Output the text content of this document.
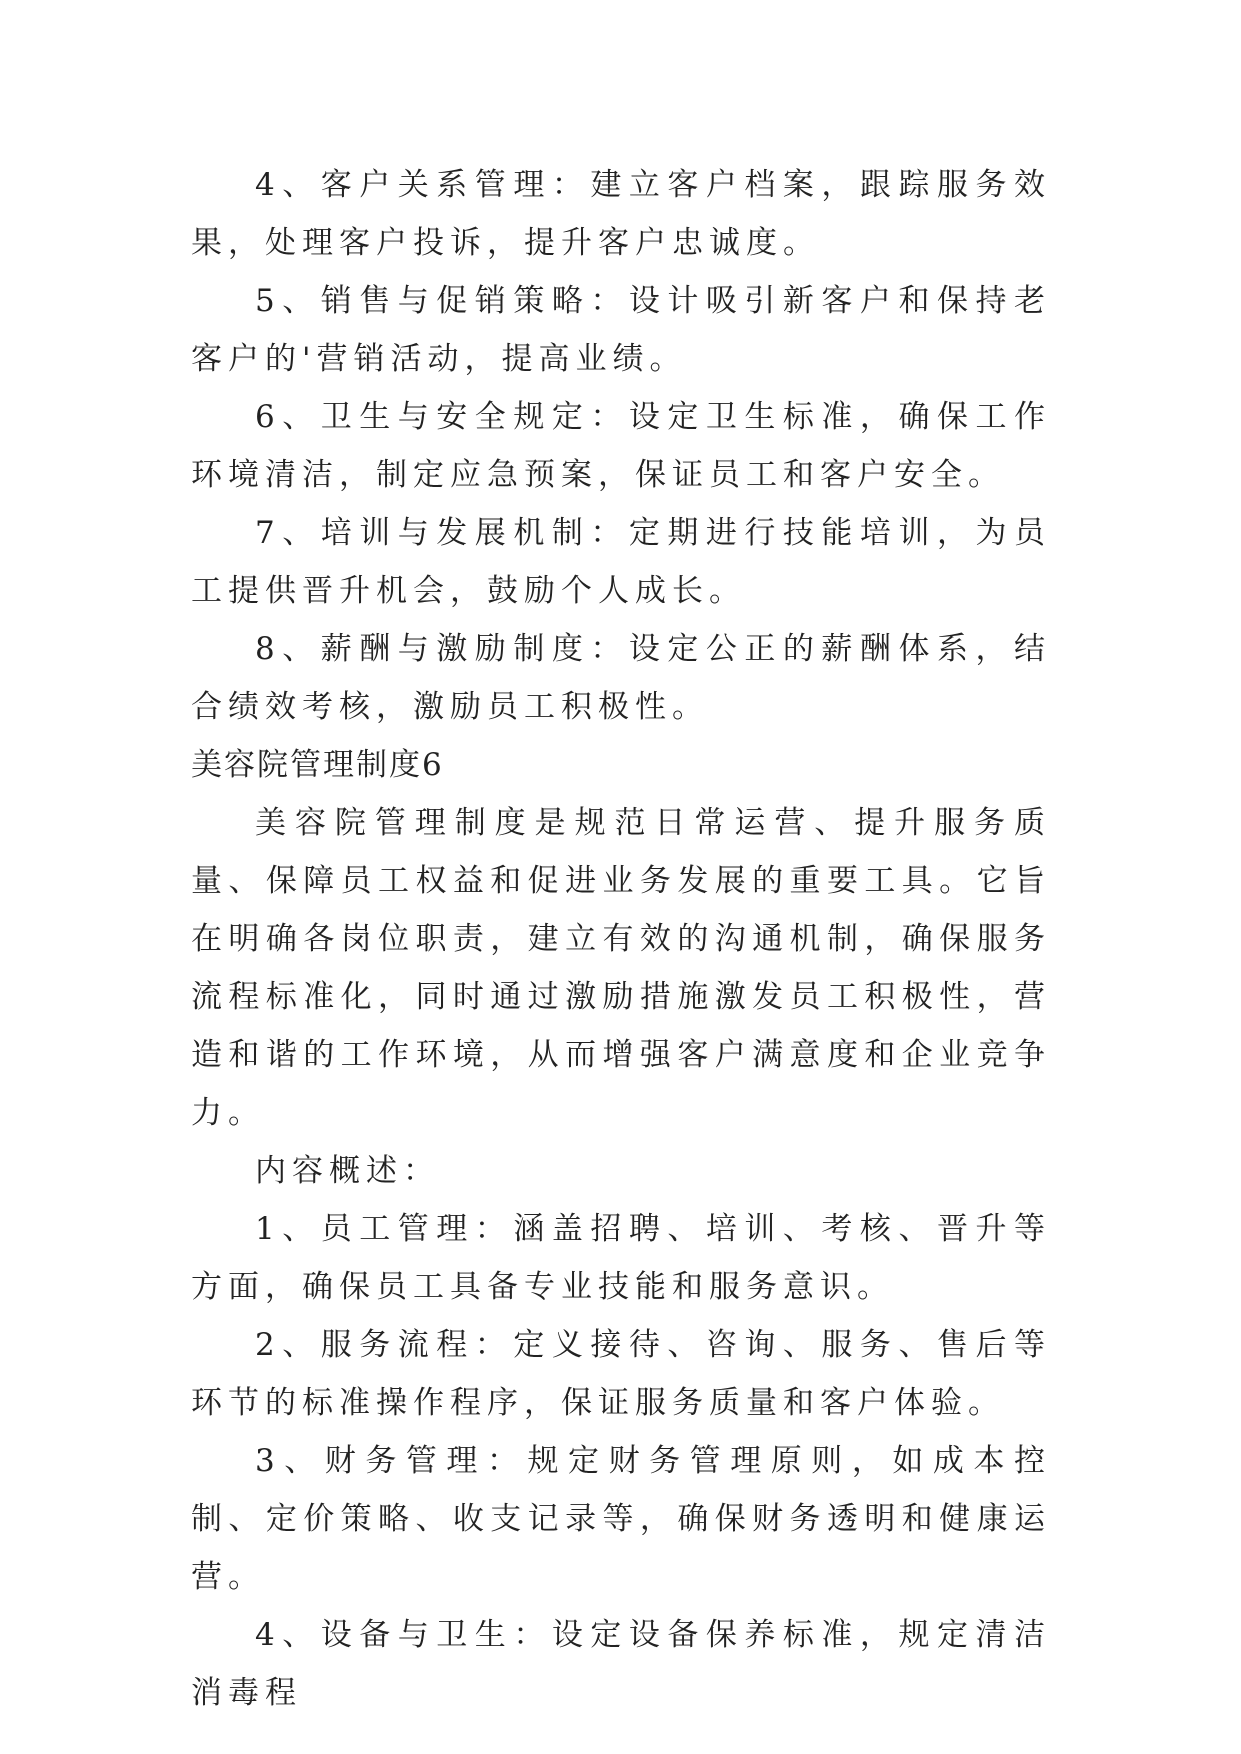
4、客户关系管理：建立客户档案，跟踪服务效果，处理客户投诉，提升客户忠诚度。

5、销售与促销策略：设计吸引新客户和保持老客户的'营销活动，提高业绩。

6、卫生与安全规定：设定卫生标准，确保工作环境清洁，制定应急预案，保证员工和客户安全。

7、培训与发展机制：定期进行技能培训，为员工提供晋升机会，鼓励个人成长。

8、薪酬与激励制度：设定公正的薪酬体系，结合绩效考核，激励员工积极性。

美容院管理制度6

美容院管理制度是规范日常运营、提升服务质量、保障员工权益和促进业务发展的重要工具。它旨在明确各岗位职责，建立有效的沟通机制，确保服务流程标准化，同时通过激励措施激发员工积极性，营造和谐的工作环境，从而增强客户满意度和企业竞争力。

内容概述：

1、员工管理：涵盖招聘、培训、考核、晋升等方面，确保员工具备专业技能和服务意识。

2、服务流程：定义接待、咨询、服务、售后等环节的标准操作程序，保证服务质量和客户体验。

3、财务管理：规定财务管理原则，如成本控制、定价策略、收支记录等，确保财务透明和健康运营。

4、设备与卫生：设定设备保养标准，规定清洁消毒程
